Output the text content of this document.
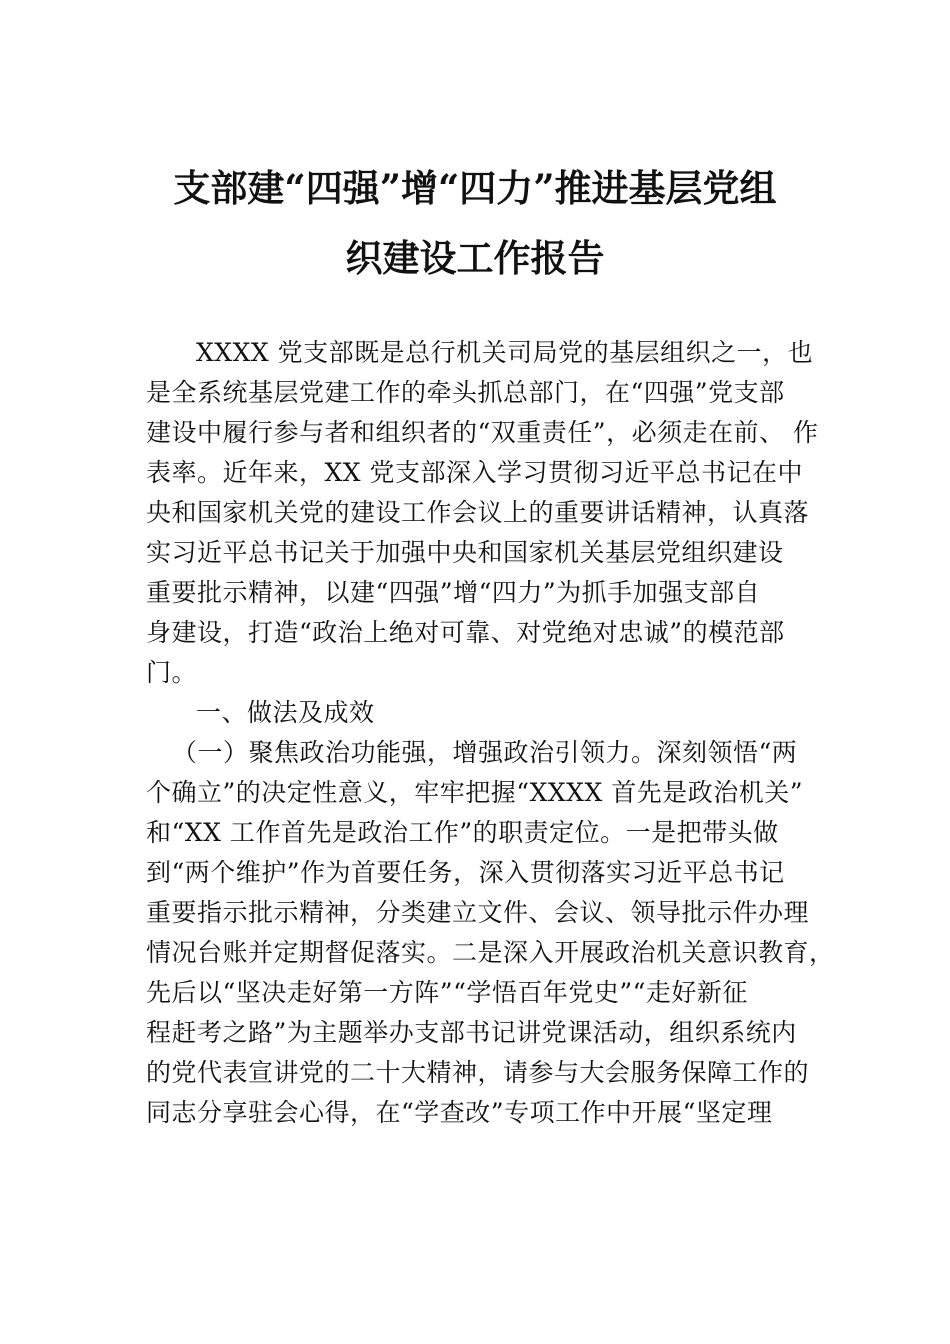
支部建“四强”增“四力”推进基层党组
织建设工作报告
XXXX 党支部既是总行机关司局党的基层组织之一，也
是全系统基层党建工作的牵头抓总部门，在“四强”党支部
建设中履行参与者和组织者的“双重责任”，必须走在前、 作
表率。近年来，XX 党支部深入学习贯彻习近平总书记在中
央和国家机关党的建设工作会议上的重要讲话精神，认真落
实习近平总书记关于加强中央和国家机关基层党组织建设
重要批示精神，以建“四强”增“四力”为抓手加强支部自
身建设，打造“政治上绝对可靠、对党绝对忠诚”的模范部
门。
一、做法及成效
（一）聚焦政治功能强，增强政治引领力。深刻领悟“两
个确立”的决定性意义，牢牢把握“XXXX 首先是政治机关”
和“XX 工作首先是政治工作”的职责定位。一是把带头做
到“两个维护”作为首要任务，深入贯彻落实习近平总书记
重要指示批示精神，分类建立文件、会议、领导批示件办理
情况台账并定期督促落实。二是深入开展政治机关意识教育，
先后以“坚决走好第一方阵”“学悟百年党史”“走好新征
程赶考之路”为主题举办支部书记讲党课活动，组织系统内
的党代表宣讲党的二十大精神，请参与大会服务保障工作的
同志分享驻会心得，在“学查改”专项工作中开展“坚定理
